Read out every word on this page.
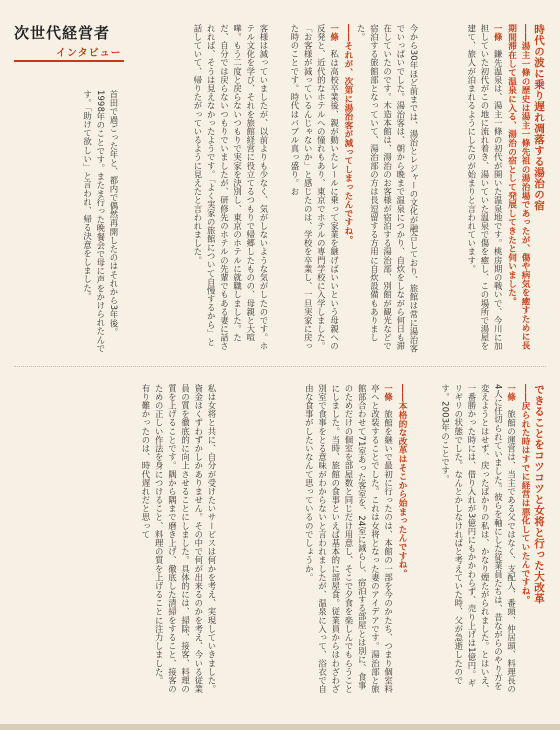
次世代経営者
インタビュー	時代の波に乗り遅れ凋落する湯治の宿

――湯主一條の歴史は湯主一條先祖の湯治場であったが、傷や病気を癒すために長期間滞在して温泉に入る、湯治の宿として発展してきたと伺いました。

一條　鎌先温泉は、湯主一條の初代が開いた温泉地です。桃房期の戦いで、今川に加担していた初代がこの地に流れ着き、湯いていた温泉で傷を癒し、この場所で湯屋を建て、旅人が泊まれるようにしたのが始まりと言われています。

今から30年ほど前までは、湯治とレジャーの文化が融合しており、旅館は常に湯治客でいっぱいでした。湯治客は、朝から晩まで温泉につかり、自炊をしながら何日も滞在していたのです。木造本館は、湯治のお客様が宿泊する湯治部、別館が観光などで宿泊する旅館部となっていて、湯治部の方は長逗留する方用に自炊設備もありました。

――それが、次第に湯治客が減ってしまったんですね。

一條　私は高校卒業後、親が動いたレールに乗って家業を継げばいいという母親への反発と、近代的なホテルへの憧れもあり、東京でホテルの専門学校に入学しました。「お客様が減っているんじゃないか」と感じたのは、学校を卒業し、一旦実家に戻った時のことです。時代はバブル真っ盛り。お

客様は減っていましたが、以前よりも少なく、気がしないような気がしたのです。ホテル文化を学び、それを旅館経営に役立てるつもりで帰郷したものの、母親と大喧嘩。もう二度と戻らないつもりで実家を決別し、東京のホテルに就職しました。ただ、自分では戻らないつもりでいましたが、研修先のホテルの先輩でもある妻に話されれば、そうは見えなかったようです。「よく実家の旅館について自慢するから」と話していて、帰りたがっているように見えたと言われました。

首田で過ごった年と、都内で偶然再開したのはそれから3年後。1998年のことです。またま行った晩餐会で母に声をかけられたんです。「助けて欲しい」と言われ、帰る決意をしました。

できることをコツコツと女将と行った大改革

――戻られた時はすでに経営は悪化していたんですね。

一條　旅館の運営は、当主である父ではなく、支配人、番頭、仲居頭、料理長の4人に任切られていました。彼らを軸にした従業員たちは、昔ながらのやり方を変えようとはせず、戻ったばかりの私は、かなり煙たがられました。とはいえ、一番勝かった時には、借り入れが3億円にもかかわらず、売り上げは1億円。ギリギリの状態でした。なんとかしなければと考えていた時、父が急逝したのです。2003年のことです。

――本格的な改革はそこから始まったんですね。

一條　旅館を継いで最初に行ったのは、本館の一部を今のかたち、つまり個室料亭へと改装することでした。これは女将となった妻のアイデアです。湯治部と旅館部合わせて71室あった客室を、24室に減らし、宿泊する部屋とは別に、食事のためだけの個室を部屋数と同じだけ用意し、そこで夕食を楽しんでもらうことにしました。当時、旅館の食事といえば基本的に部屋食。従業員からはわざわざ別室で食事をとる意味がわからないと言われましたが、温泉に入って、浴衣で自由な食事がしたいなんて思っているのでしょうか。

私は女将と共に、自分が受けたいサービスは何かを考え、実現していきました。資金はくずわずかしかありません。その中で何が出来るのかを考え、今いる従業員の質を徹底的に向上させることにしました。具体的には、掃除、接客、料理の質を上げることです。隅から隅まで磨き上げ、徹底した清掃をすること、接客のための正しい作法を身につけること、料理の質を上げることに注力しました。

有り難かったのは、時代遅れだと思って
